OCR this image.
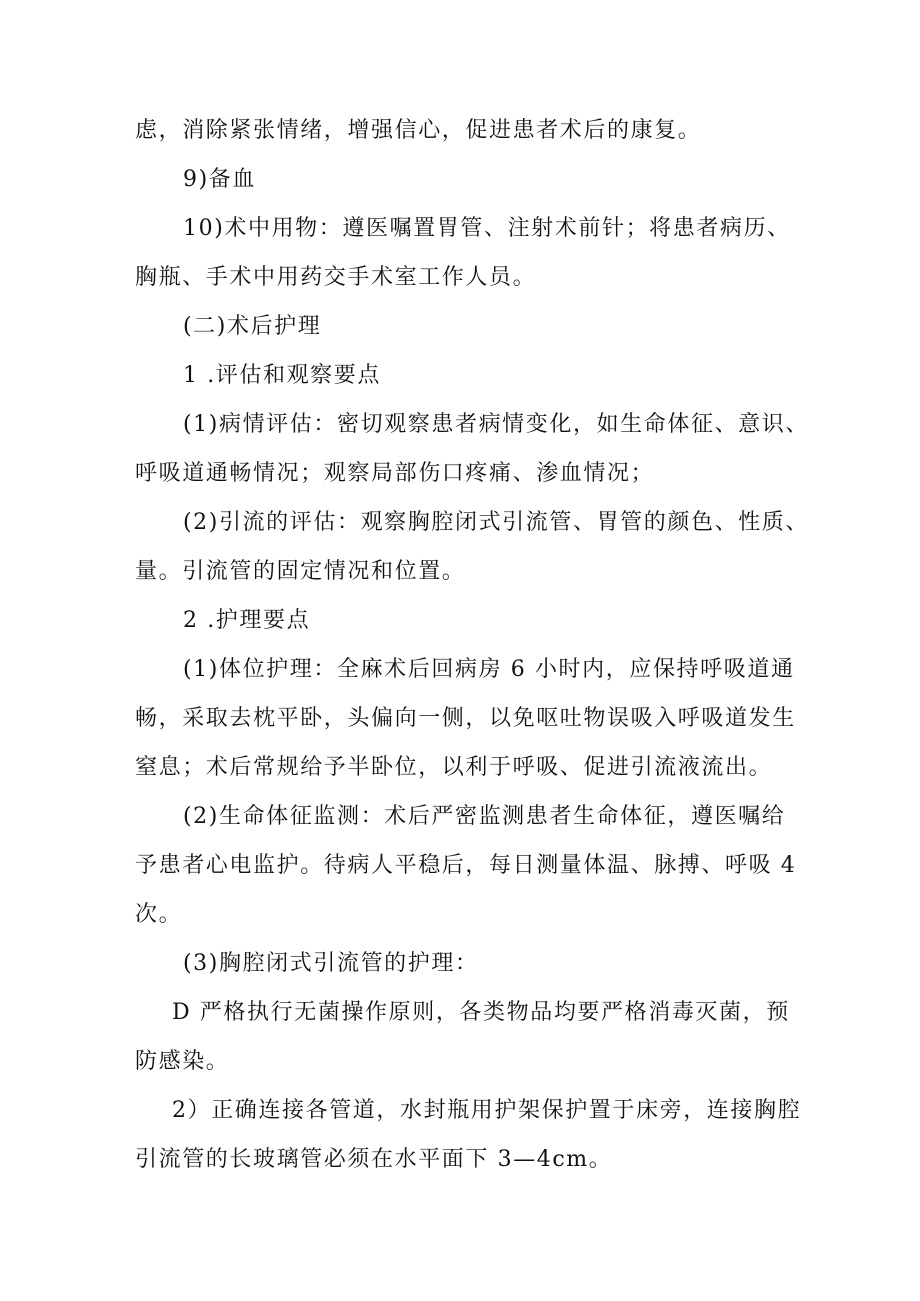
虑，消除紧张情绪，增强信心，促进患者术后的康复。
9)备血
10)术中用物：遵医嘱置胃管、注射术前针；将患者病历、
胸瓶、手术中用药交手术室工作人员。
(二)术后护理
1 .评估和观察要点
(1)病情评估：密切观察患者病情变化，如生命体征、意识、
呼吸道通畅情况；观察局部伤口疼痛、渗血情况；
(2)引流的评估：观察胸腔闭式引流管、胃管的颜色、性质、
量。引流管的固定情况和位置。
2 .护理要点
(1)体位护理：全麻术后回病房 6 小时内，应保持呼吸道通
畅，采取去枕平卧，头偏向一侧，以免呕吐物误吸入呼吸道发生
窒息；术后常规给予半卧位，以利于呼吸、促进引流液流出。
(2)生命体征监测：术后严密监测患者生命体征，遵医嘱给
予患者心电监护。待病人平稳后，每日测量体温、脉搏、呼吸 4
次。
(3)胸腔闭式引流管的护理：
D 严格执行无菌操作原则，各类物品均要严格消毒灭菌，预
防感染。
2）正确连接各管道，水封瓶用护架保护置于床旁，连接胸腔
引流管的长玻璃管必须在水平面下 3—4cm。
